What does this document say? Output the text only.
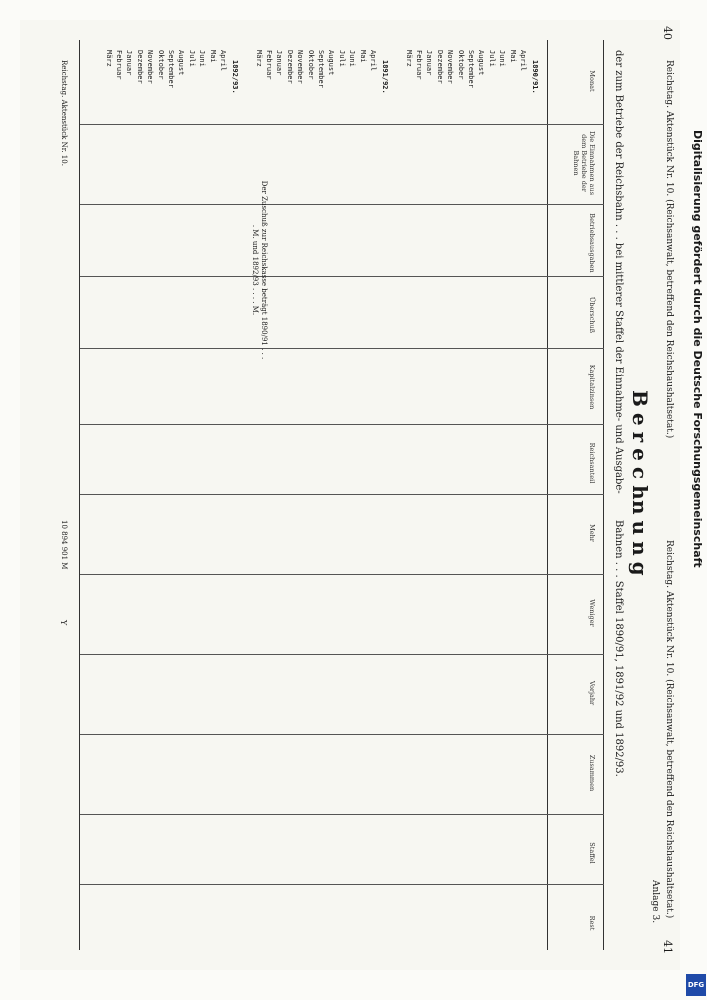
40
Reichstag. Aktenstück Nr. 10. (Reichsanwalt, betreffend den Reichshaushaltsetat.)
Reichstag. Aktenstück Nr. 10. (Reichsanwalt, betreffend den Reichshaushaltsetat.)
41
Anlage 3.
Berech
nung
der zum Betriebe der Reichsbahn . . . bei mittlerer Staffel der Einnahme- und Ausgabe-
Bahnen . . . Staffel 1890/91, 1891/92 und 1892/93.
Monat
Die Einnahmen aus dem Betriebe der Bahnen
Betriebsausgaben
Überschuß
Kapitalzinsen
Reichsanteil
Mehr
Weniger
Vorjahr
Zusammen
Staffel
Rest
1890/91.
April
Mai
Juni
Juli
August
September
Oktober
November
Dezember
Januar
Februar
März
1891/92.
April
Mai
Juni
Juli
August
September
Oktober
November
Dezember
Januar
Februar
März
1892/93.
April
Mai
Juni
Juli
August
September
Oktober
November
Dezember
Januar
Februar
März
Der Zuschuß zur Reichskasse beträgt 1890/91 . . . . M. und 1892/93 . . . . M.
Reichstag. Aktenstück Nr. 10.
10 894 901 M
Y
Digitalisierung gefördert durch die Deutsche Forschungsgemeinschaft
DFG
